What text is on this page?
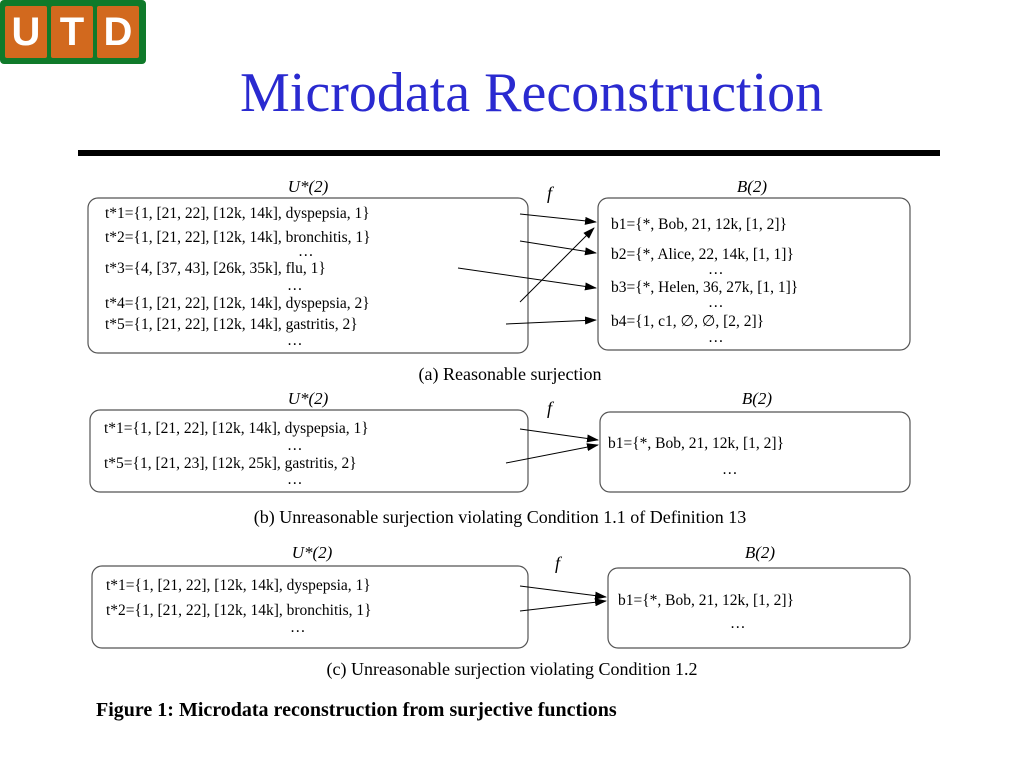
U T D
Microdata Reconstruction
U*(2)	B(2)
f
t*1={1, [21, 22], [12k, 14k], dyspepsia, 1}
t*2={1, [21, 22], [12k, 14k], bronchitis, 1}
…
t*3={4, [37, 43], [26k, 35k], flu, 1}
…
t*4={1, [21, 22], [12k, 14k], dyspepsia, 2}
t*5={1, [21, 22], [12k, 14k], gastritis, 2}
…
b1={*, Bob, 21, 12k, [1, 2]}
b2={*, Alice, 22, 14k, [1, 1]}
…
b3={*, Helen, 36, 27k, [1, 1]}
…
b4={1, c1, ∅, ∅, [2, 2]}
…
(a) Reasonable surjection
U*(2)	B(2)
f
t*1={1, [21, 22], [12k, 14k], dyspepsia, 1}
…
t*5={1, [21, 23], [12k, 25k], gastritis, 2}
…
b1={*, Bob, 21, 12k, [1, 2]}
…
(b) Unreasonable surjection violating Condition 1.1 of Definition 13
U*(2)	B(2)
f
t*1={1, [21, 22], [12k, 14k], dyspepsia, 1}
t*2={1, [21, 22], [12k, 14k], bronchitis, 1}
…
b1={*, Bob, 21, 12k, [1, 2]}
…
(c) Unreasonable surjection violating Condition 1.2
Figure 1: Microdata reconstruction from surjective functions
